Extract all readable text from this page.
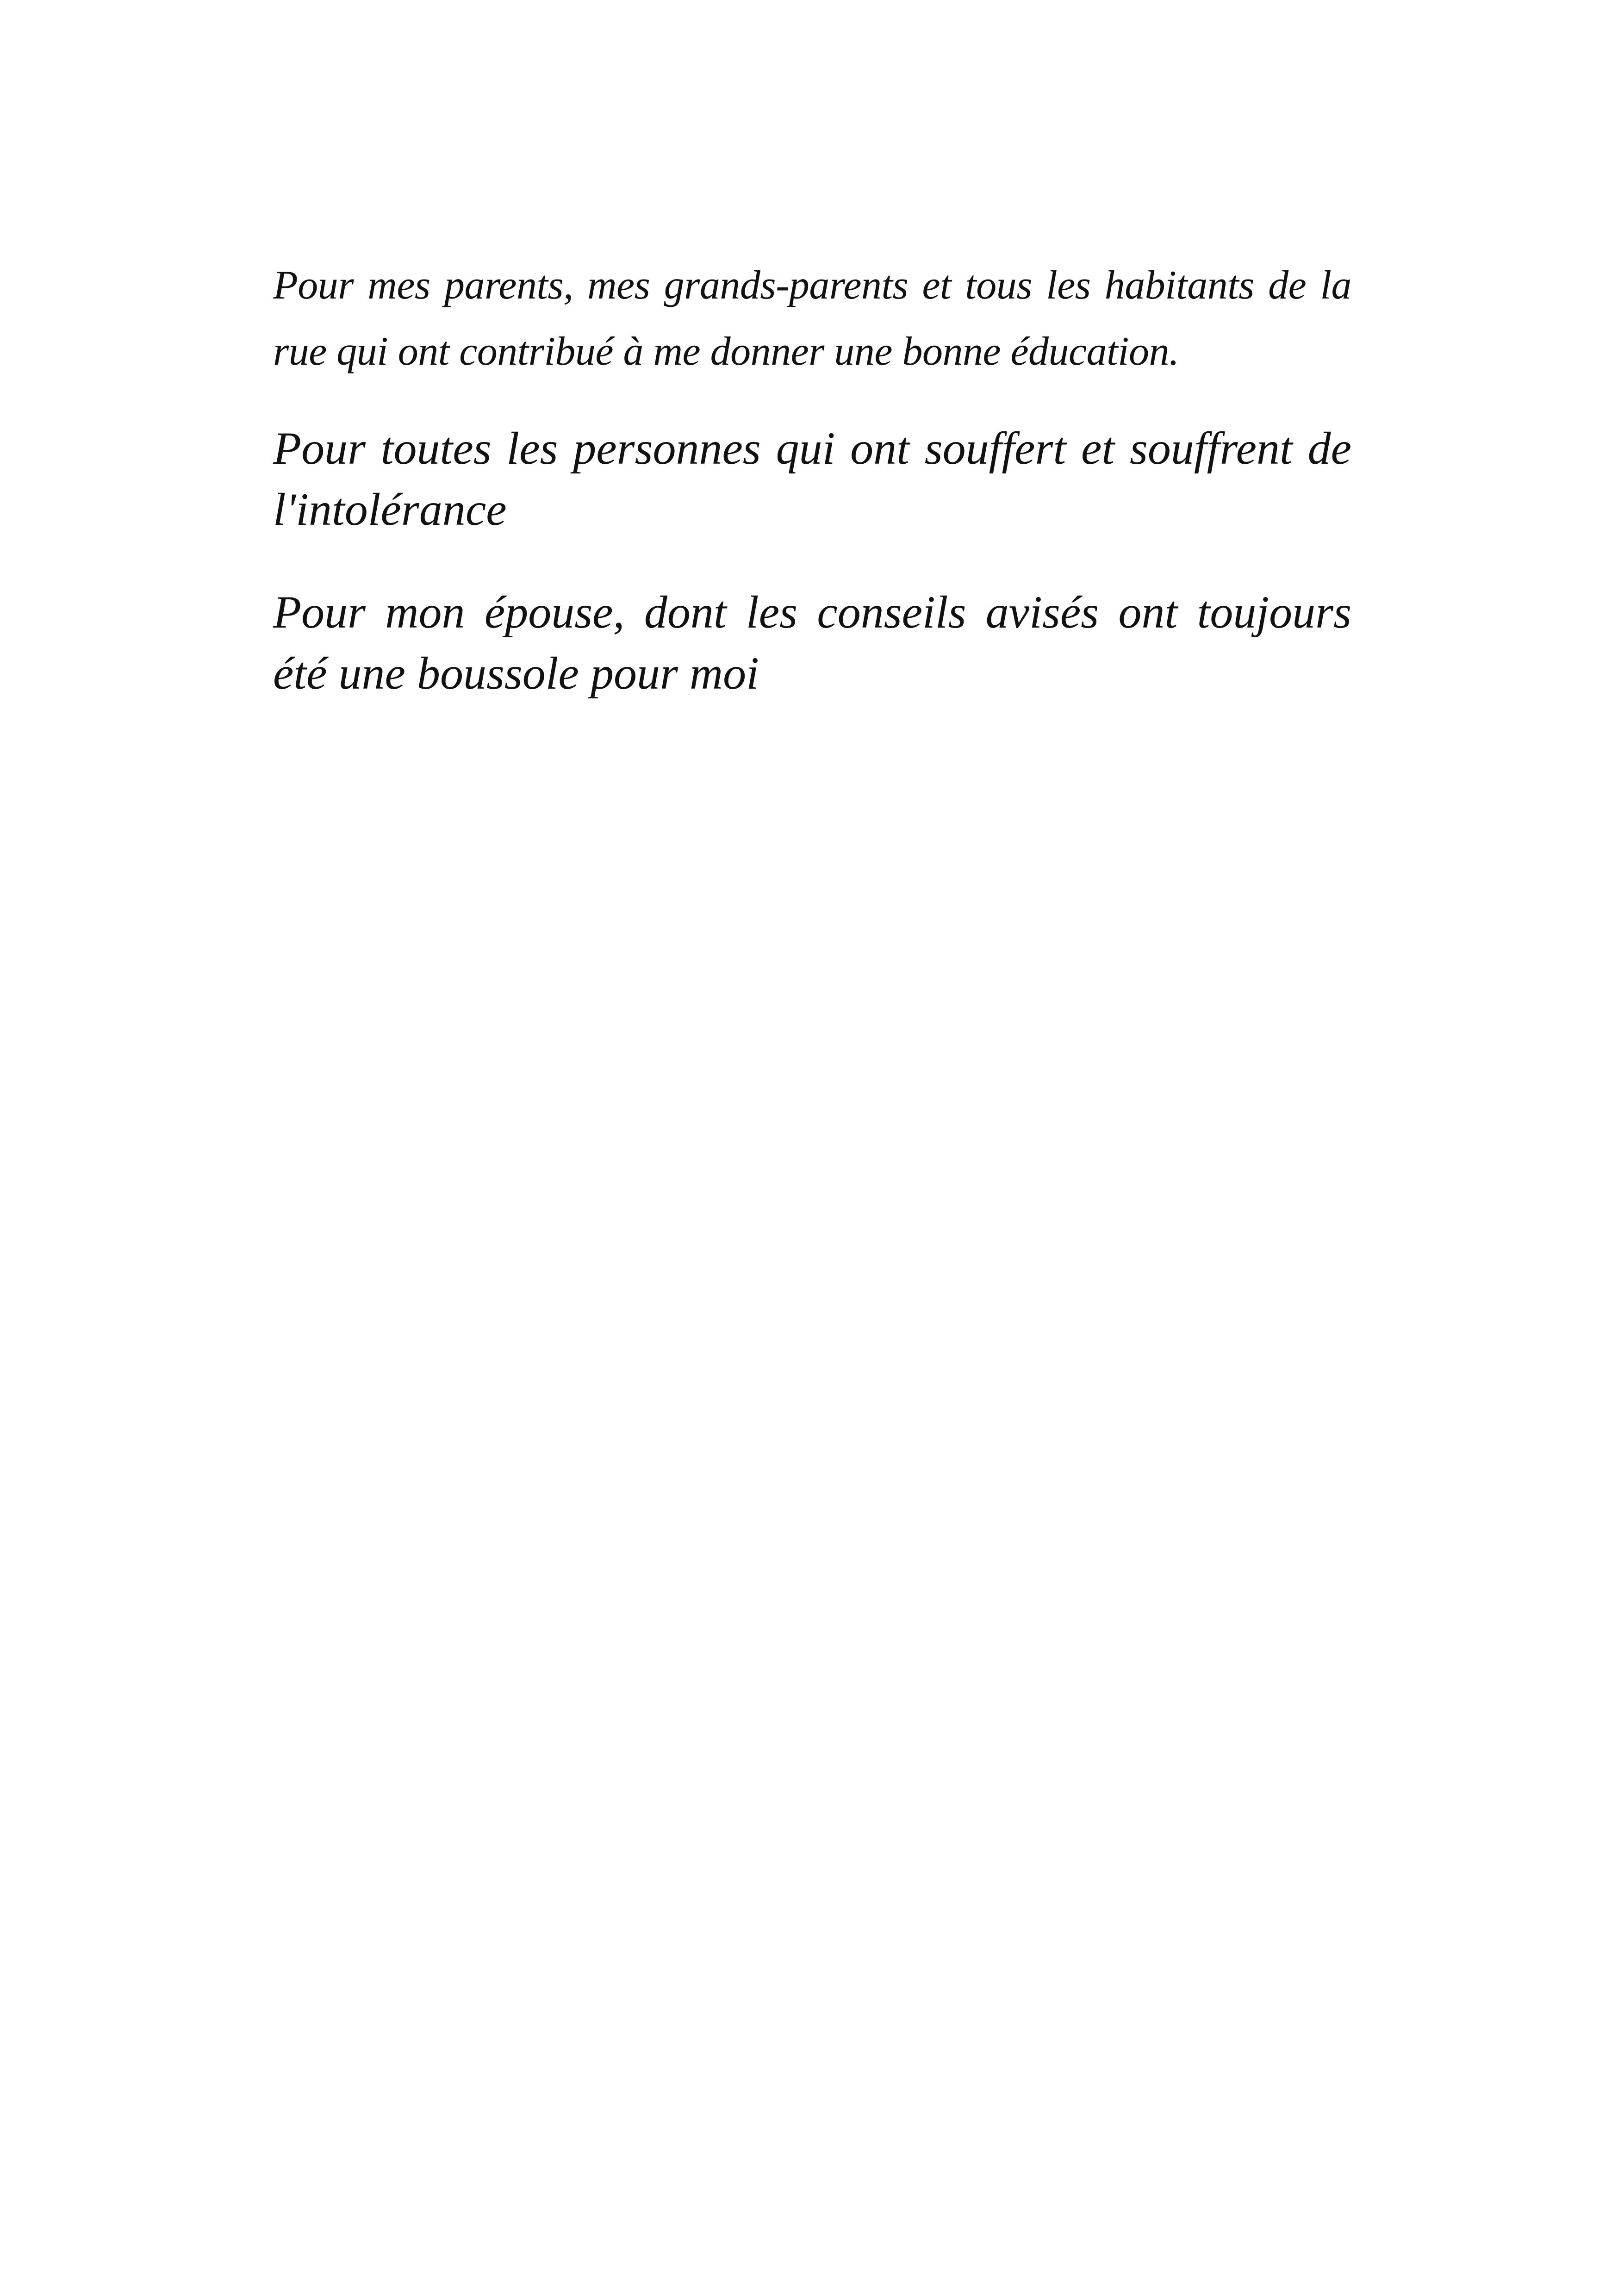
Pour mes parents, mes grands-parents et tous les habitants de la rue qui ont contribué à me donner une bonne éducation.

Pour toutes les personnes qui ont souffert et souffrent de l'intolérance

Pour mon épouse, dont les conseils avisés ont toujours été une boussole pour moi
